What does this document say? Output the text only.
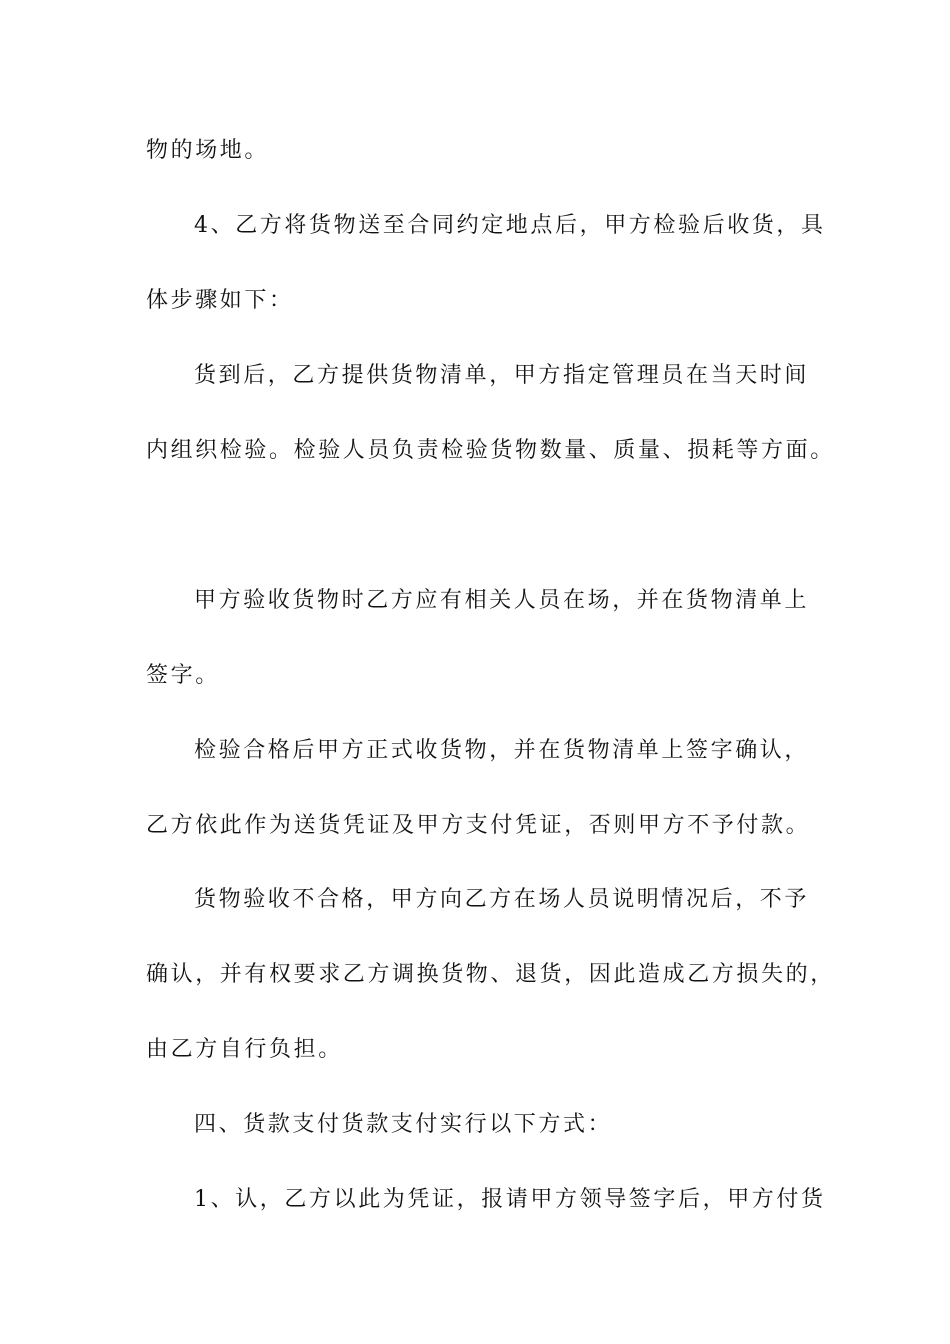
物的场地。
4、乙方将货物送至合同约定地点后，甲方检验后收货，具
体步骤如下：
货到后，乙方提供货物清单，甲方指定管理员在当天时间
内组织检验。检验人员负责检验货物数量、质量、损耗等方面。
甲方验收货物时乙方应有相关人员在场，并在货物清单上
签字。
检验合格后甲方正式收货物，并在货物清单上签字确认，
乙方依此作为送货凭证及甲方支付凭证，否则甲方不予付款。
货物验收不合格，甲方向乙方在场人员说明情况后，不予
确认，并有权要求乙方调换货物、退货，因此造成乙方损失的，
由乙方自行负担。
四、货款支付货款支付实行以下方式：
1、认，乙方以此为凭证，报请甲方领导签字后，甲方付货
